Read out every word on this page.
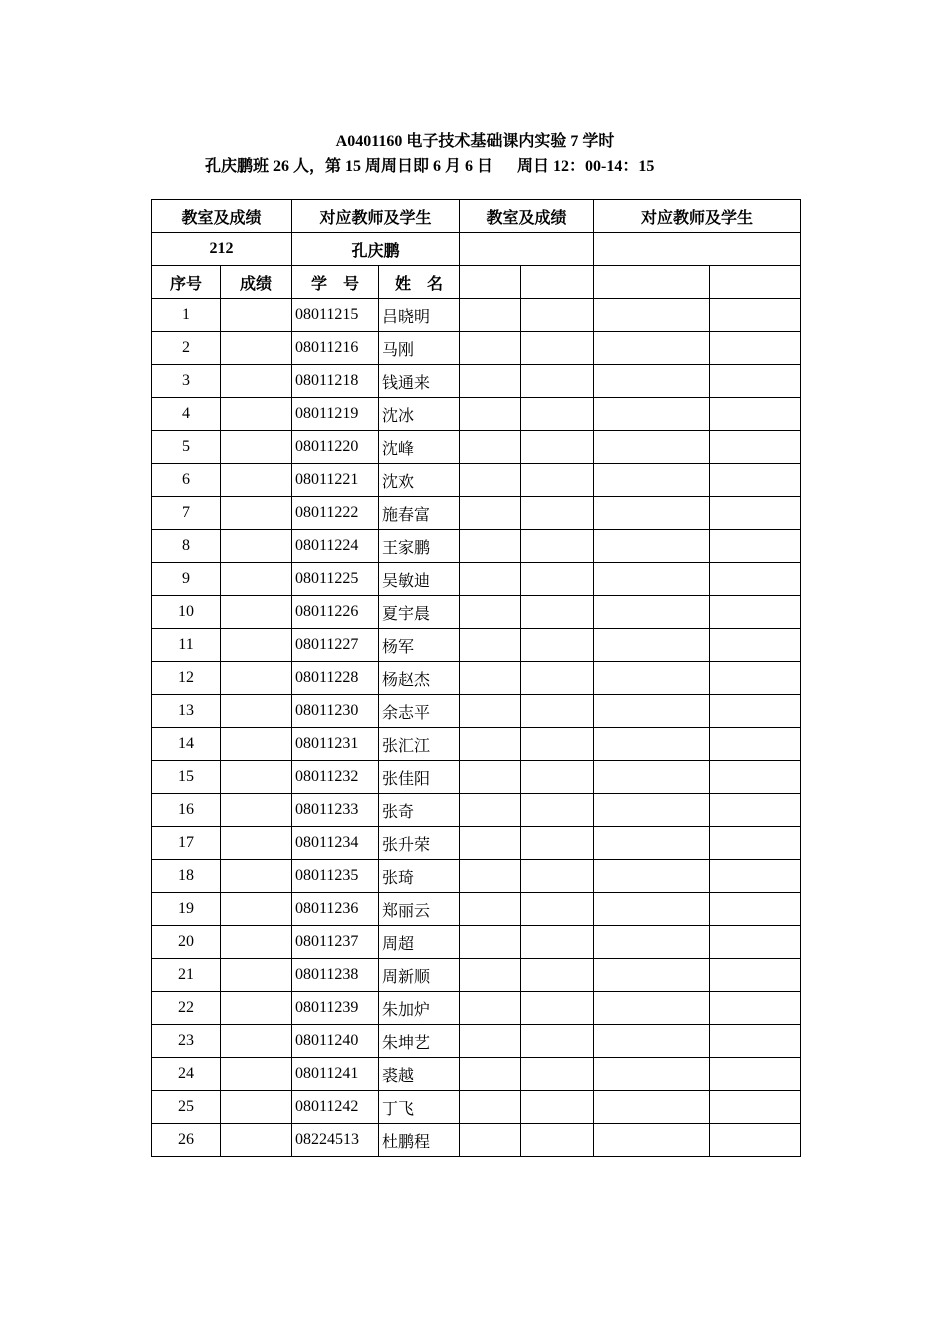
A0401160 电子技术基础课内实验 7 学时
孔庆鹏班 26 人，第 15 周周日即 6 月 6 日      周日 12：00-14：15
教室及成绩		对应教师及学生		教室及成绩		对应教师及学生	
212		孔庆鹏					
序号	成绩	学　号	姓　名				
1		08011215	吕晓明				
2		08011216	马刚				
3		08011218	钱通来				
4		08011219	沈冰				
5		08011220	沈峰				
6		08011221	沈欢				
7		08011222	施春富				
8		08011224	王家鹏				
9		08011225	吴敏迪				
10		08011226	夏宇晨				
11		08011227	杨军				
12		08011228	杨赵杰				
13		08011230	余志平				
14		08011231	张汇江				
15		08011232	张佳阳				
16		08011233	张奇				
17		08011234	张升荣				
18		08011235	张琦				
19		08011236	郑丽云				
20		08011237	周超				
21		08011238	周新顺				
22		08011239	朱加炉				
23		08011240	朱坤艺				
24		08011241	裘越				
25		08011242	丁飞				
26		08224513	杜鹏程				
